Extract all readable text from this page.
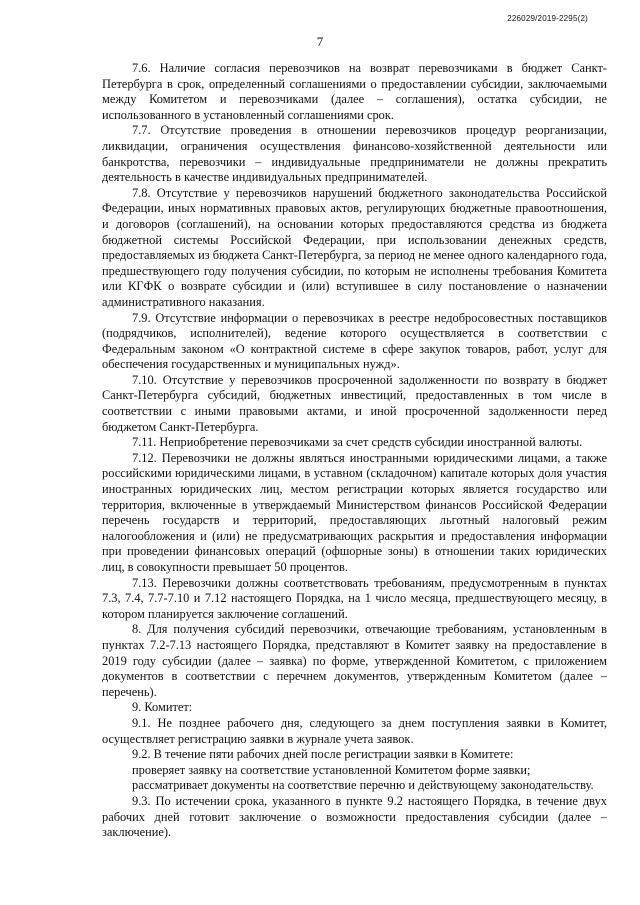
226029/2019-2295(2)
7

7.6. Наличие согласия перевозчиков на возврат перевозчиками в бюджет Санкт-Петербурга в срок, определенный соглашениями о предоставлении субсидии, заключаемыми между Комитетом и перевозчиками (далее – соглашения), остатка субсидии, не использованного в установленный соглашениями срок.

7.7. Отсутствие проведения в отношении перевозчиков процедур реорганизации, ликвидации, ограничения осуществления финансово-хозяйственной деятельности или банкротства, перевозчики – индивидуальные предприниматели не должны прекратить деятельность в качестве индивидуальных предпринимателей.

7.8. Отсутствие у перевозчиков нарушений бюджетного законодательства Российской Федерации, иных нормативных правовых актов, регулирующих бюджетные правоотношения, и договоров (соглашений), на основании которых предоставляются средства из бюджета бюджетной системы Российской Федерации, при использовании денежных средств, предоставляемых из бюджета Санкт-Петербурга, за период не менее одного календарного года, предшествующего году получения субсидии, по которым не исполнены требования Комитета или КГФК о возврате субсидии и (или) вступившее в силу постановление о назначении административного наказания.

7.9. Отсутствие информации о перевозчиках в реестре недобросовестных поставщиков (подрядчиков, исполнителей), ведение которого осуществляется в соответствии с Федеральным законом «О контрактной системе в сфере закупок товаров, работ, услуг для обеспечения государственных и муниципальных нужд».

7.10. Отсутствие у перевозчиков просроченной задолженности по возврату в бюджет Санкт-Петербурга субсидий, бюджетных инвестиций, предоставленных в том числе в соответствии с иными правовыми актами, и иной просроченной задолженности перед бюджетом Санкт-Петербурга.

7.11. Неприобретение перевозчиками за счет средств субсидии иностранной валюты.

7.12. Перевозчики не должны являться иностранными юридическими лицами, а также российскими юридическими лицами, в уставном (складочном) капитале которых доля участия иностранных юридических лиц, местом регистрации которых является государство или территория, включенные в утверждаемый Министерством финансов Российской Федерации перечень государств и территорий, предоставляющих льготный налоговый режим налогообложения и (или) не предусматривающих раскрытия и предоставления информации при проведении финансовых операций (офшорные зоны) в отношении таких юридических лиц, в совокупности превышает 50 процентов.

7.13. Перевозчики должны соответствовать требованиям, предусмотренным в пунктах 7.3, 7.4, 7.7-7.10 и 7.12 настоящего Порядка, на 1 число месяца, предшествующего месяцу, в котором планируется заключение соглашений.

8. Для получения субсидий перевозчики, отвечающие требованиям, установленным в пунктах 7.2-7.13 настоящего Порядка, представляют в Комитет заявку на предоставление в 2019 году субсидии (далее – заявка) по форме, утвержденной Комитетом, с приложением документов в соответствии с перечнем документов, утвержденным Комитетом (далее – перечень).

9. Комитет:

9.1. Не позднее рабочего дня, следующего за днем поступления заявки в Комитет, осуществляет регистрацию заявки в журнале учета заявок.

9.2. В течение пяти рабочих дней после регистрации заявки в Комитете:

проверяет заявку на соответствие установленной Комитетом форме заявки;

рассматривает документы на соответствие перечню и действующему законодательству.

9.3. По истечении срока, указанного в пункте 9.2 настоящего Порядка, в течение двух рабочих дней готовит заключение о возможности предоставления субсидии (далее – заключение).
